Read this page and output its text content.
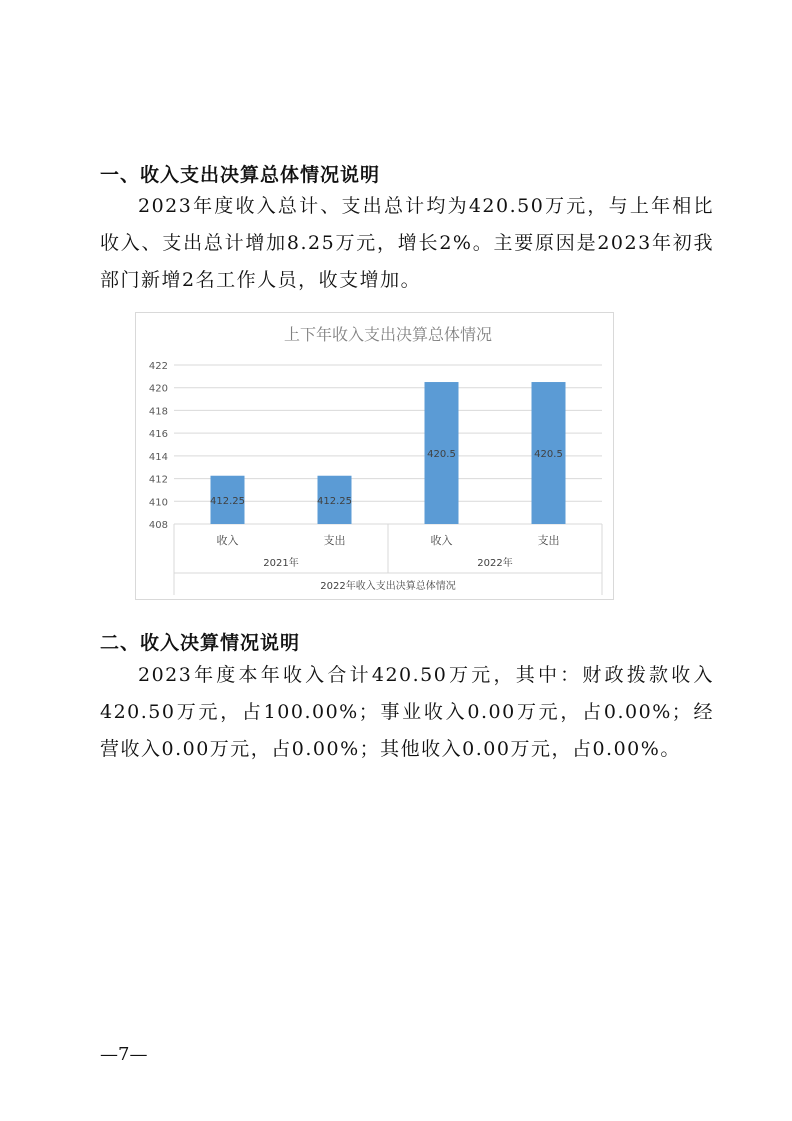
一、收入支出决算总体情况说明

2023年度收入总计、支出总计均为420.50万元，与上年相比收入、支出总计增加8.25万元，增长2%。主要原因是2023年初我部门新增2名工作人员，收支增加。

上下年收入支出决算总体情况
408
410
412
414
416
418
420
422
412.25	412.25
420.5	420.5
收入	支出	收入	支出
2021年	2022年
2022年收入支出决算总体情况
二、收入决算情况说明

2023年度本年收入合计420.50万元，其中：财政拨款收入420.50万元，占100.00%；事业收入0.00万元，占0.00%；经营收入0.00万元，占0.00%；其他收入0.00万元，占0.00%。

—7—
